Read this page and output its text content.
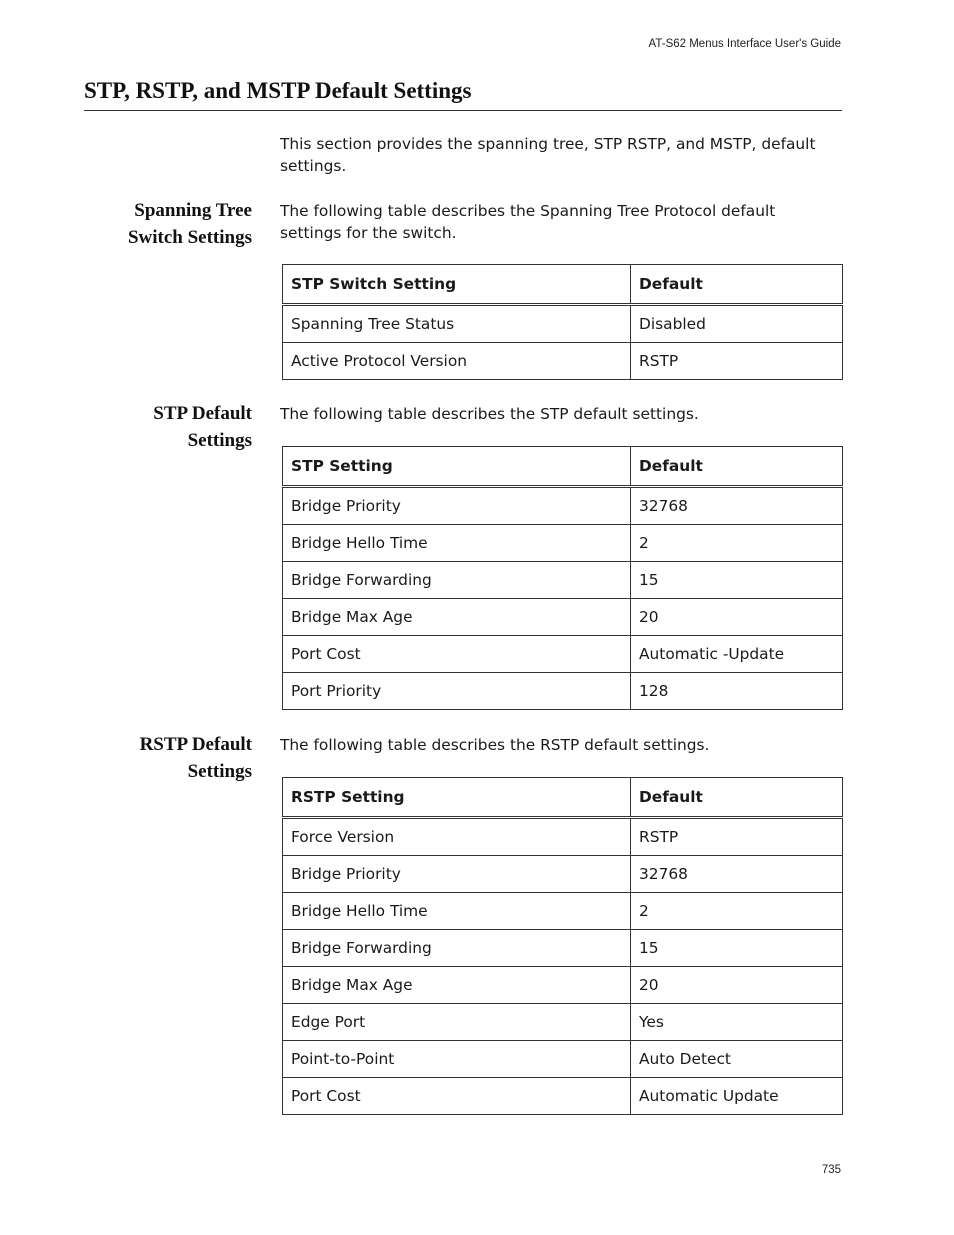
AT-S62 Menus Interface User's Guide
STP, RSTP, and MSTP Default Settings

This section provides the spanning tree, STP RSTP, and MSTP, default settings.

Spanning Tree
Switch Settings

The following table describes the Spanning Tree Protocol default settings for the switch.

STP Switch Setting	Default
Spanning Tree Status	Disabled
Active Protocol Version	RSTP
STP Default
Settings

The following table describes the STP default settings.

STP Setting	Default
Bridge Priority	32768
Bridge Hello Time	2
Bridge Forwarding	15
Bridge Max Age	20
Port Cost	Automatic -Update
Port Priority	128
RSTP Default
Settings

The following table describes the RSTP default settings.

RSTP Setting	Default
Force Version	RSTP
Bridge Priority	32768
Bridge Hello Time	2
Bridge Forwarding	15
Bridge Max Age	20
Edge Port	Yes
Point-to-Point	Auto Detect
Port Cost	Automatic Update
735
